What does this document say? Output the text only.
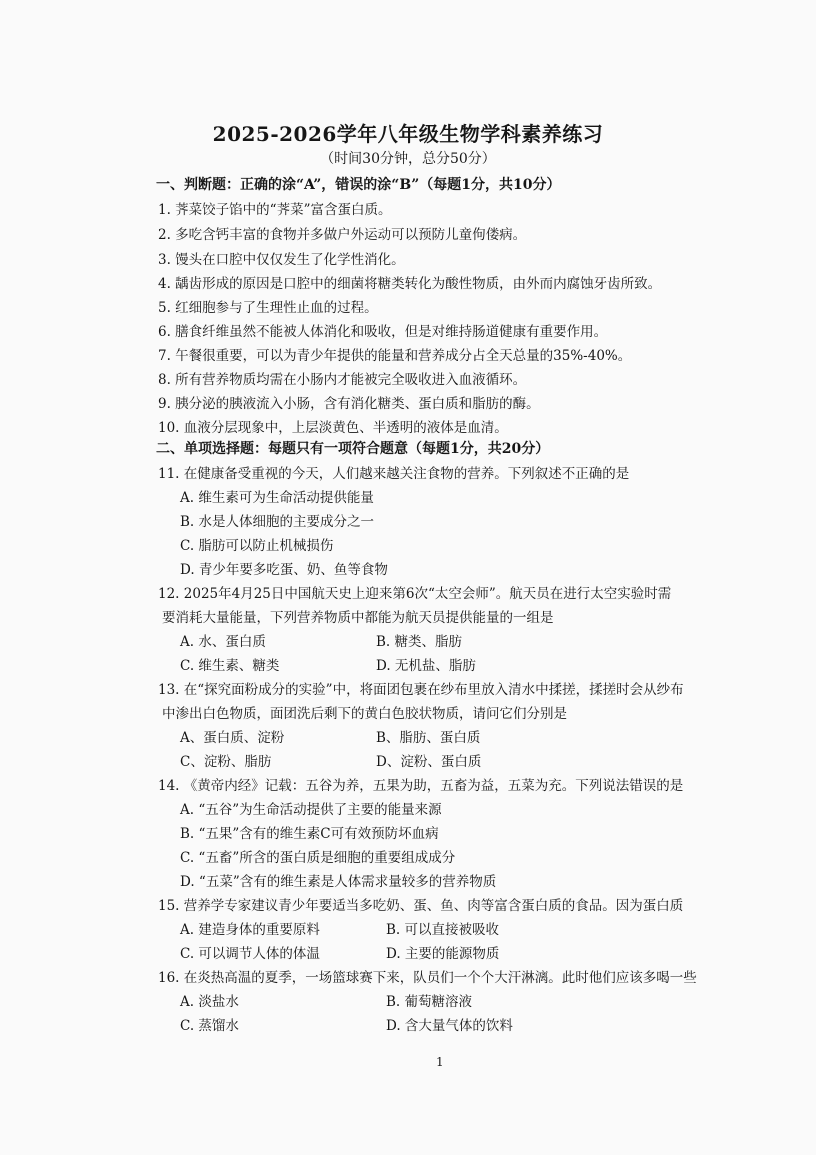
2025-2026学年八年级生物学科素养练习
（时间30分钟，总分50分）
一、判断题：正确的涂“A”，错误的涂“B”（每题1分，共10分）
1. 荠菜饺子馅中的“荠菜”富含蛋白质。
2. 多吃含钙丰富的食物并多做户外运动可以预防儿童佝偻病。
3. 馒头在口腔中仅仅发生了化学性消化。
4. 龋齿形成的原因是口腔中的细菌将糖类转化为酸性物质，由外而内腐蚀牙齿所致。
5. 红细胞参与了生理性止血的过程。
6. 膳食纤维虽然不能被人体消化和吸收，但是对维持肠道健康有重要作用。
7. 午餐很重要，可以为青少年提供的能量和营养成分占全天总量的35%-40%。
8. 所有营养物质均需在小肠内才能被完全吸收进入血液循环。
9. 胰分泌的胰液流入小肠，含有消化糖类、蛋白质和脂肪的酶。
10. 血液分层现象中，上层淡黄色、半透明的液体是血清。
二、单项选择题：每题只有一项符合题意（每题1分，共20分）
11. 在健康备受重视的今天，人们越来越关注食物的营养。下列叙述不正确的是
A. 维生素可为生命活动提供能量
B. 水是人体细胞的主要成分之一
C. 脂肪可以防止机械损伤
D. 青少年要多吃蛋、奶、鱼等食物
12. 2025年4月25日中国航天史上迎来第6次“太空会师”。航天员在进行太空实验时需
要消耗大量能量，下列营养物质中都能为航天员提供能量的一组是
A. 水、蛋白质	B. 糖类、脂肪
C. 维生素、糖类	D. 无机盐、脂肪
13. 在“探究面粉成分的实验”中，将面团包裹在纱布里放入清水中揉搓，揉搓时会从纱布
中渗出白色物质，面团洗后剩下的黄白色胶状物质，请问它们分别是
A、蛋白质、淀粉	B、脂肪、蛋白质
C、淀粉、脂肪	D、淀粉、蛋白质
14. 《黄帝内经》记载：五谷为养，五果为助，五畜为益，五菜为充。下列说法错误的是
A. “五谷”为生命活动提供了主要的能量来源
B. “五果”含有的维生素C可有效预防坏血病
C. “五畜”所含的蛋白质是细胞的重要组成成分
D. “五菜”含有的维生素是人体需求量较多的营养物质
15. 营养学专家建议青少年要适当多吃奶、蛋、鱼、肉等富含蛋白质的食品。因为蛋白质
A. 建造身体的重要原料	B. 可以直接被吸收
C. 可以调节人体的体温	D. 主要的能源物质
16. 在炎热高温的夏季，一场篮球赛下来，队员们一个个大汗淋漓。此时他们应该多喝一些
A. 淡盐水	B. 葡萄糖溶液
C. 蒸馏水	D. 含大量气体的饮料
1
